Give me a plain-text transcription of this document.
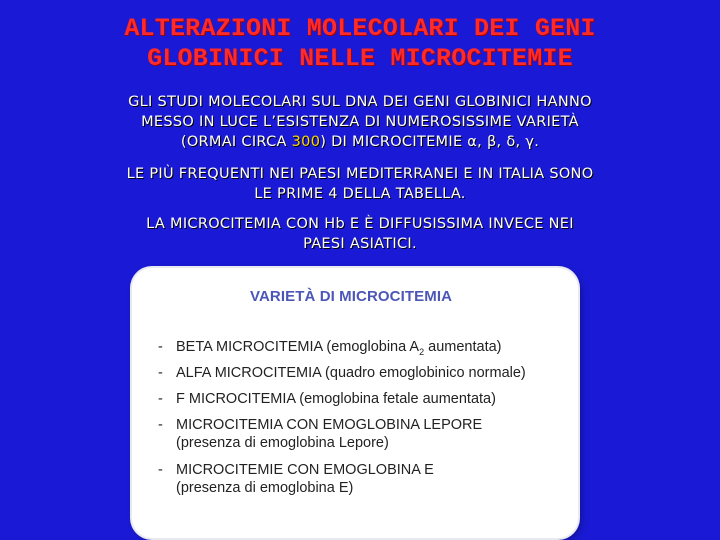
ALTERAZIONI MOLECOLARI DEI GENI
GLOBINICI NELLE MICROCITEMIE
GLI STUDI MOLECOLARI SUL DNA DEI GENI GLOBINICI HANNO
MESSO IN LUCE L’ESISTENZA DI NUMEROSISSIME VARIETÀ
(ORMAI CIRCA 300) DI MICROCITEMIE α, β, δ, γ.
LE PIÙ FREQUENTI NEI PAESI MEDITERRANEI E IN ITALIA SONO
LE PRIME 4 DELLA TABELLA.
LA MICROCITEMIA CON Hb E È DIFFUSISSIMA INVECE NEI
PAESI ASIATICI.
VARIETÀ DI MICROCITEMIA
- BETA MICROCITEMIA (emoglobina $A_2$ aumentata)
- ALFA MICROCITEMIA (quadro emoglobinico normale)
- F MICROCITEMIA (emoglobina fetale aumentata)
- MICROCITEMIA CON EMOGLOBINA LEPORE
(presenza di emoglobina Lepore)
- MICROCITEMIE CON EMOGLOBINA E
(presenza di emoglobina E)
